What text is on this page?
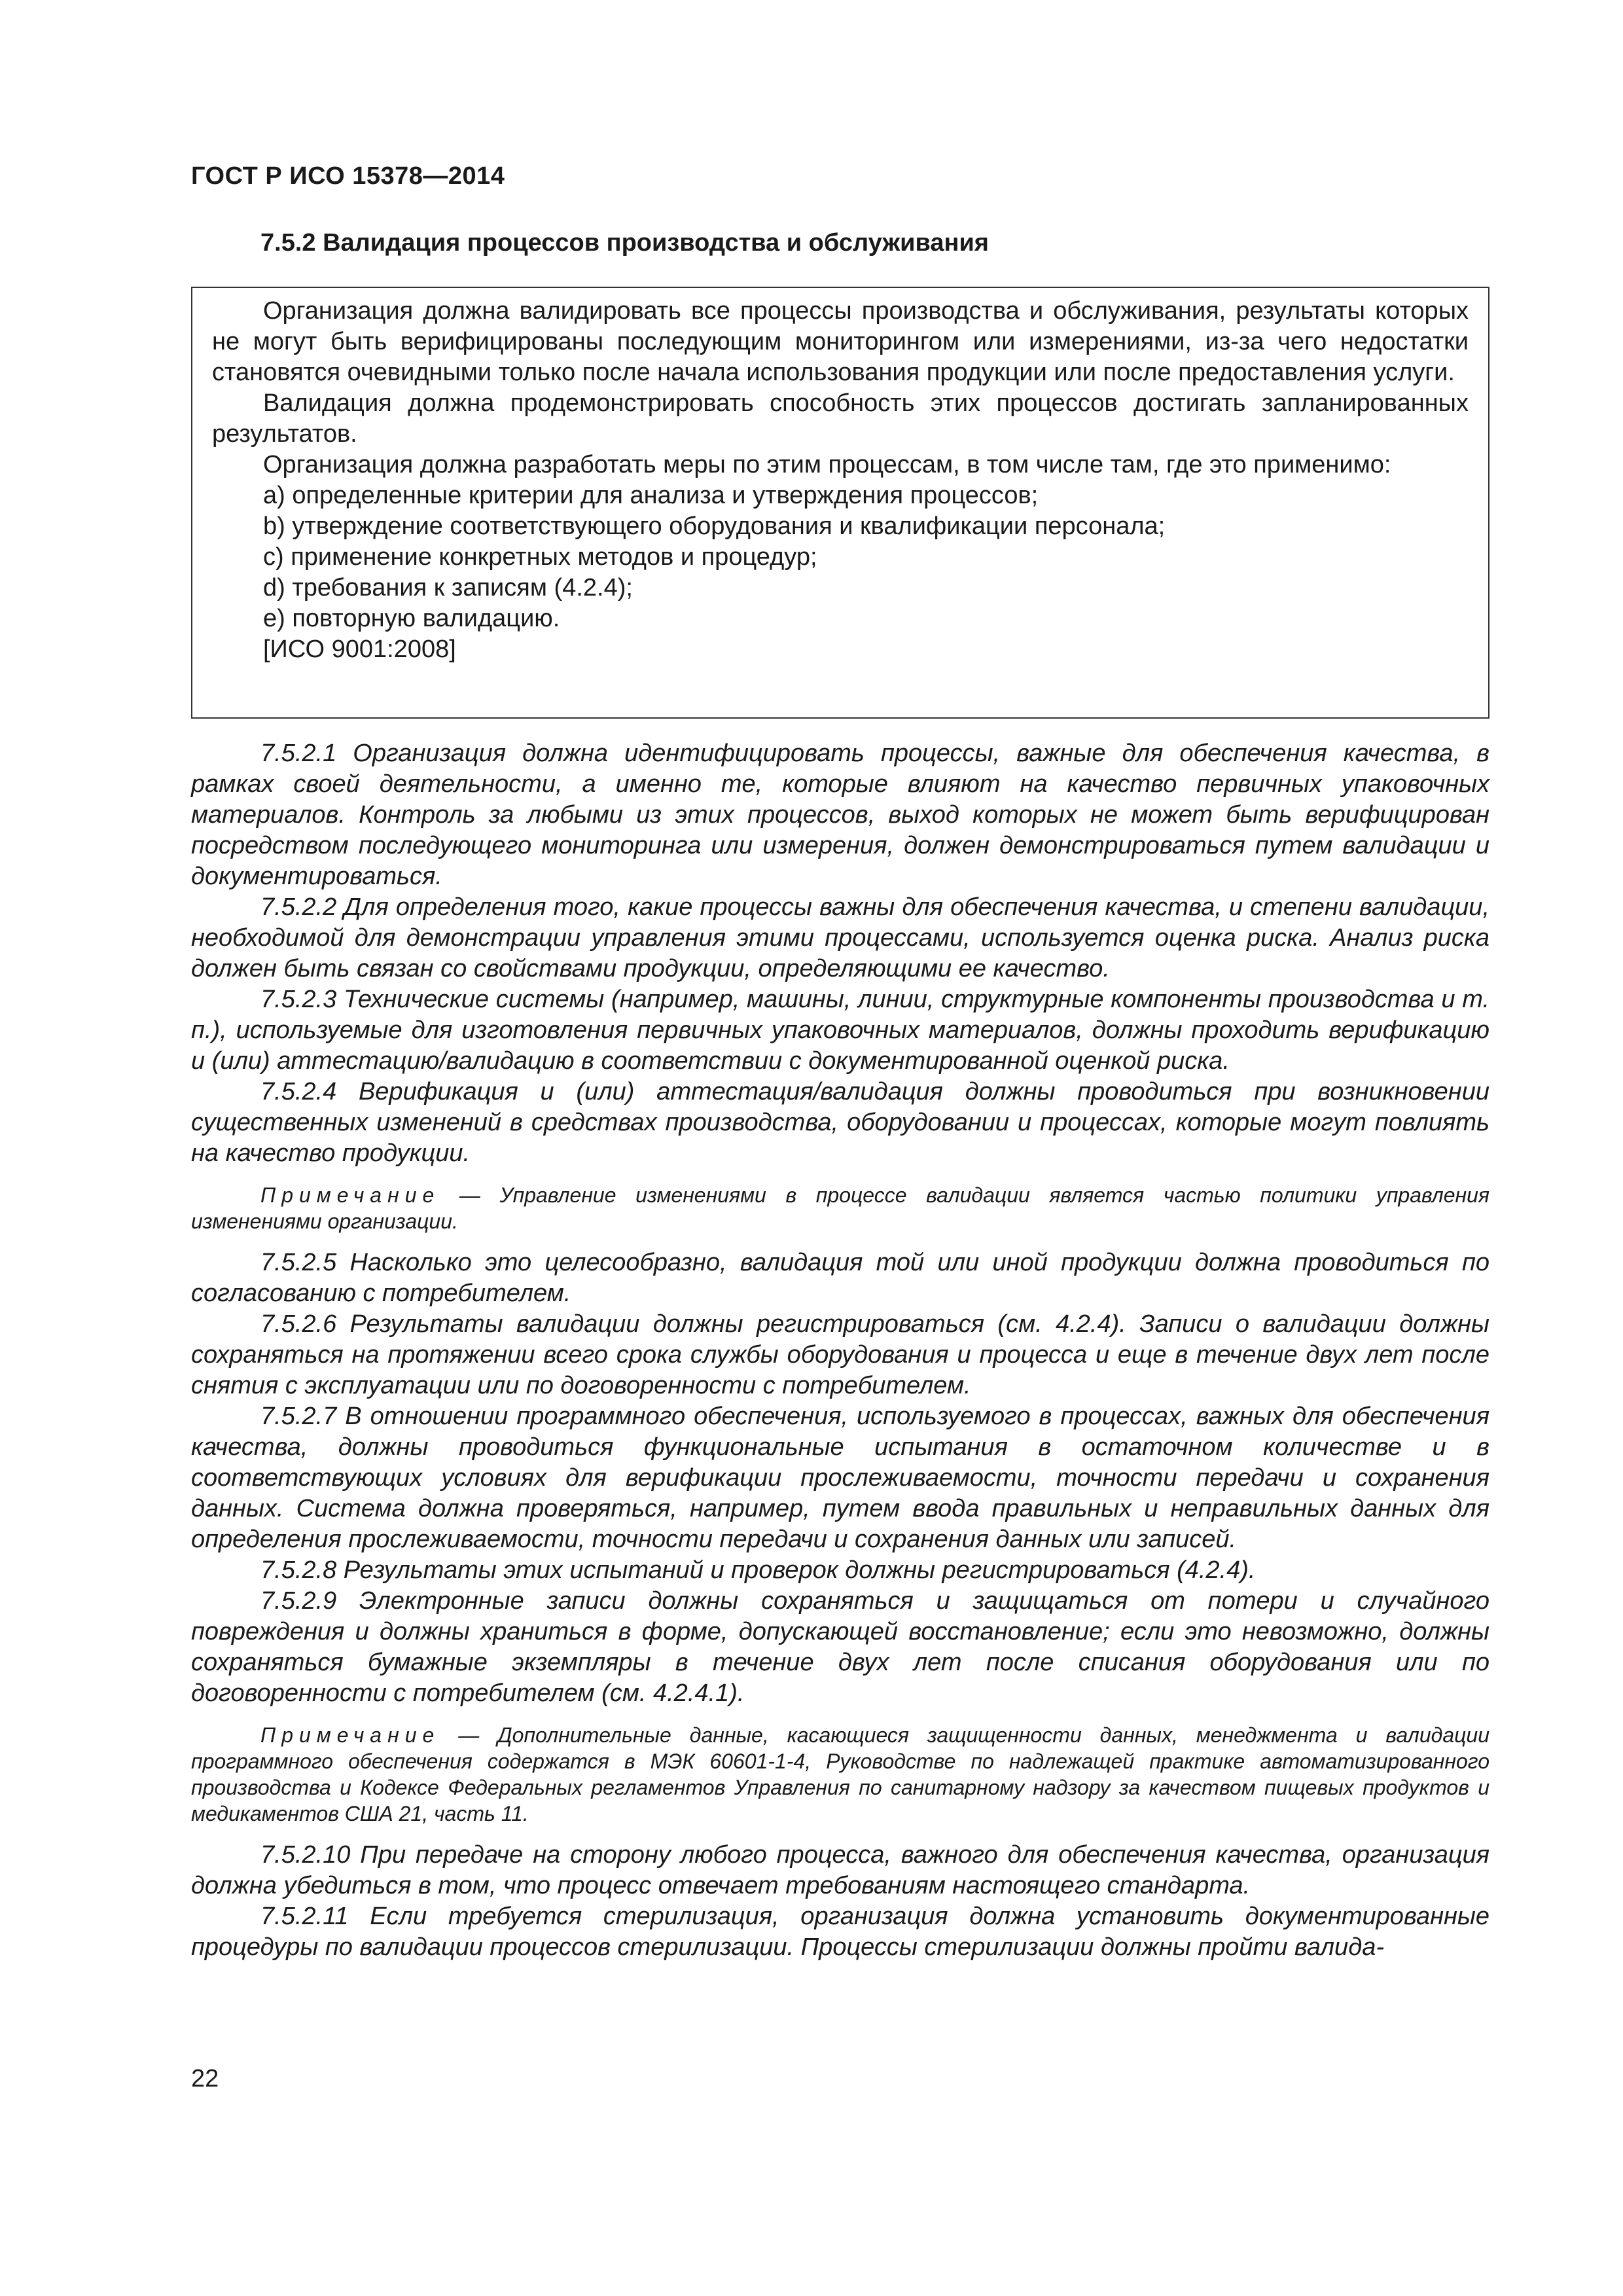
ГОСТ Р ИСО 15378—2014
7.5.2 Валидация процессов производства и обслуживания

Организация должна валидировать все процессы производства и обслуживания, результаты которых не могут быть верифицированы последующим мониторингом или измерениями, из-за чего недостатки становятся очевидными только после начала использования продукции или после предоставления услуги.

Валидация должна продемонстрировать способность этих процессов достигать запланированных результатов.

Организация должна разработать меры по этим процессам, в том числе там, где это применимо:

a) определенные критерии для анализа и утверждения процессов;
b) утверждение соответствующего оборудования и квалификации персонала;
c) применение конкретных методов и процедур;
d) требования к записям (4.2.4);
e) повторную валидацию.
[ИСО 9001:2008]

7.5.2.1 Организация должна идентифицировать процессы, важные для обеспечения качества, в рамках своей деятельности, а именно те, которые влияют на качество первичных упаковочных материалов. Контроль за любыми из этих процессов, выход которых не может быть верифицирован посредством последующего мониторинга или измерения, должен демонстрироваться путем валидации и документироваться.

7.5.2.2 Для определения того, какие процессы важны для обеспечения качества, и степени валидации, необходимой для демонстрации управления этими процессами, используется оценка риска. Анализ риска должен быть связан со свойствами продукции, определяющими ее качество.

7.5.2.3 Технические системы (например, машины, линии, структурные компоненты производства и т. п.), используемые для изготовления первичных упаковочных материалов, должны проходить верификацию и (или) аттестацию/валидацию в соответствии с документированной оценкой риска.

7.5.2.4 Верификация и (или) аттестация/валидация должны проводиться при возникновении существенных изменений в средствах производства, оборудовании и процессах, которые могут повлиять на качество продукции.

Примечание — Управление изменениями в процессе валидации является частью политики управления изменениями организации.

7.5.2.5 Насколько это целесообразно, валидация той или иной продукции должна проводиться по согласованию с потребителем.

7.5.2.6 Результаты валидации должны регистрироваться (см. 4.2.4). Записи о валидации должны сохраняться на протяжении всего срока службы оборудования и процесса и еще в течение двух лет после снятия с эксплуатации или по договоренности с потребителем.

7.5.2.7 В отношении программного обеспечения, используемого в процессах, важных для обеспечения качества, должны проводиться функциональные испытания в остаточном количестве и в соответствующих условиях для верификации прослеживаемости, точности передачи и сохранения данных. Система должна проверяться, например, путем ввода правильных и неправильных данных для определения прослеживаемости, точности передачи и сохранения данных или записей.

7.5.2.8 Результаты этих испытаний и проверок должны регистрироваться (4.2.4).

7.5.2.9 Электронные записи должны сохраняться и защищаться от потери и случайного повреждения и должны храниться в форме, допускающей восстановление; если это невозможно, должны сохраняться бумажные экземпляры в течение двух лет после списания оборудования или по договоренности с потребителем (см. 4.2.4.1).

Примечание — Дополнительные данные, касающиеся защищенности данных, менеджмента и валидации программного обеспечения содержатся в МЭК 60601-1-4, Руководстве по надлежащей практике автоматизированного производства и Кодексе Федеральных регламентов Управления по санитарному надзору за качеством пищевых продуктов и медикаментов США 21, часть 11.

7.5.2.10 При передаче на сторону любого процесса, важного для обеспечения качества, организация должна убедиться в том, что процесс отвечает требованиям настоящего стандарта.

7.5.2.11 Если требуется стерилизация, организация должна установить документированные процедуры по валидации процессов стерилизации. Процессы стерилизации должны пройти валида-

22
